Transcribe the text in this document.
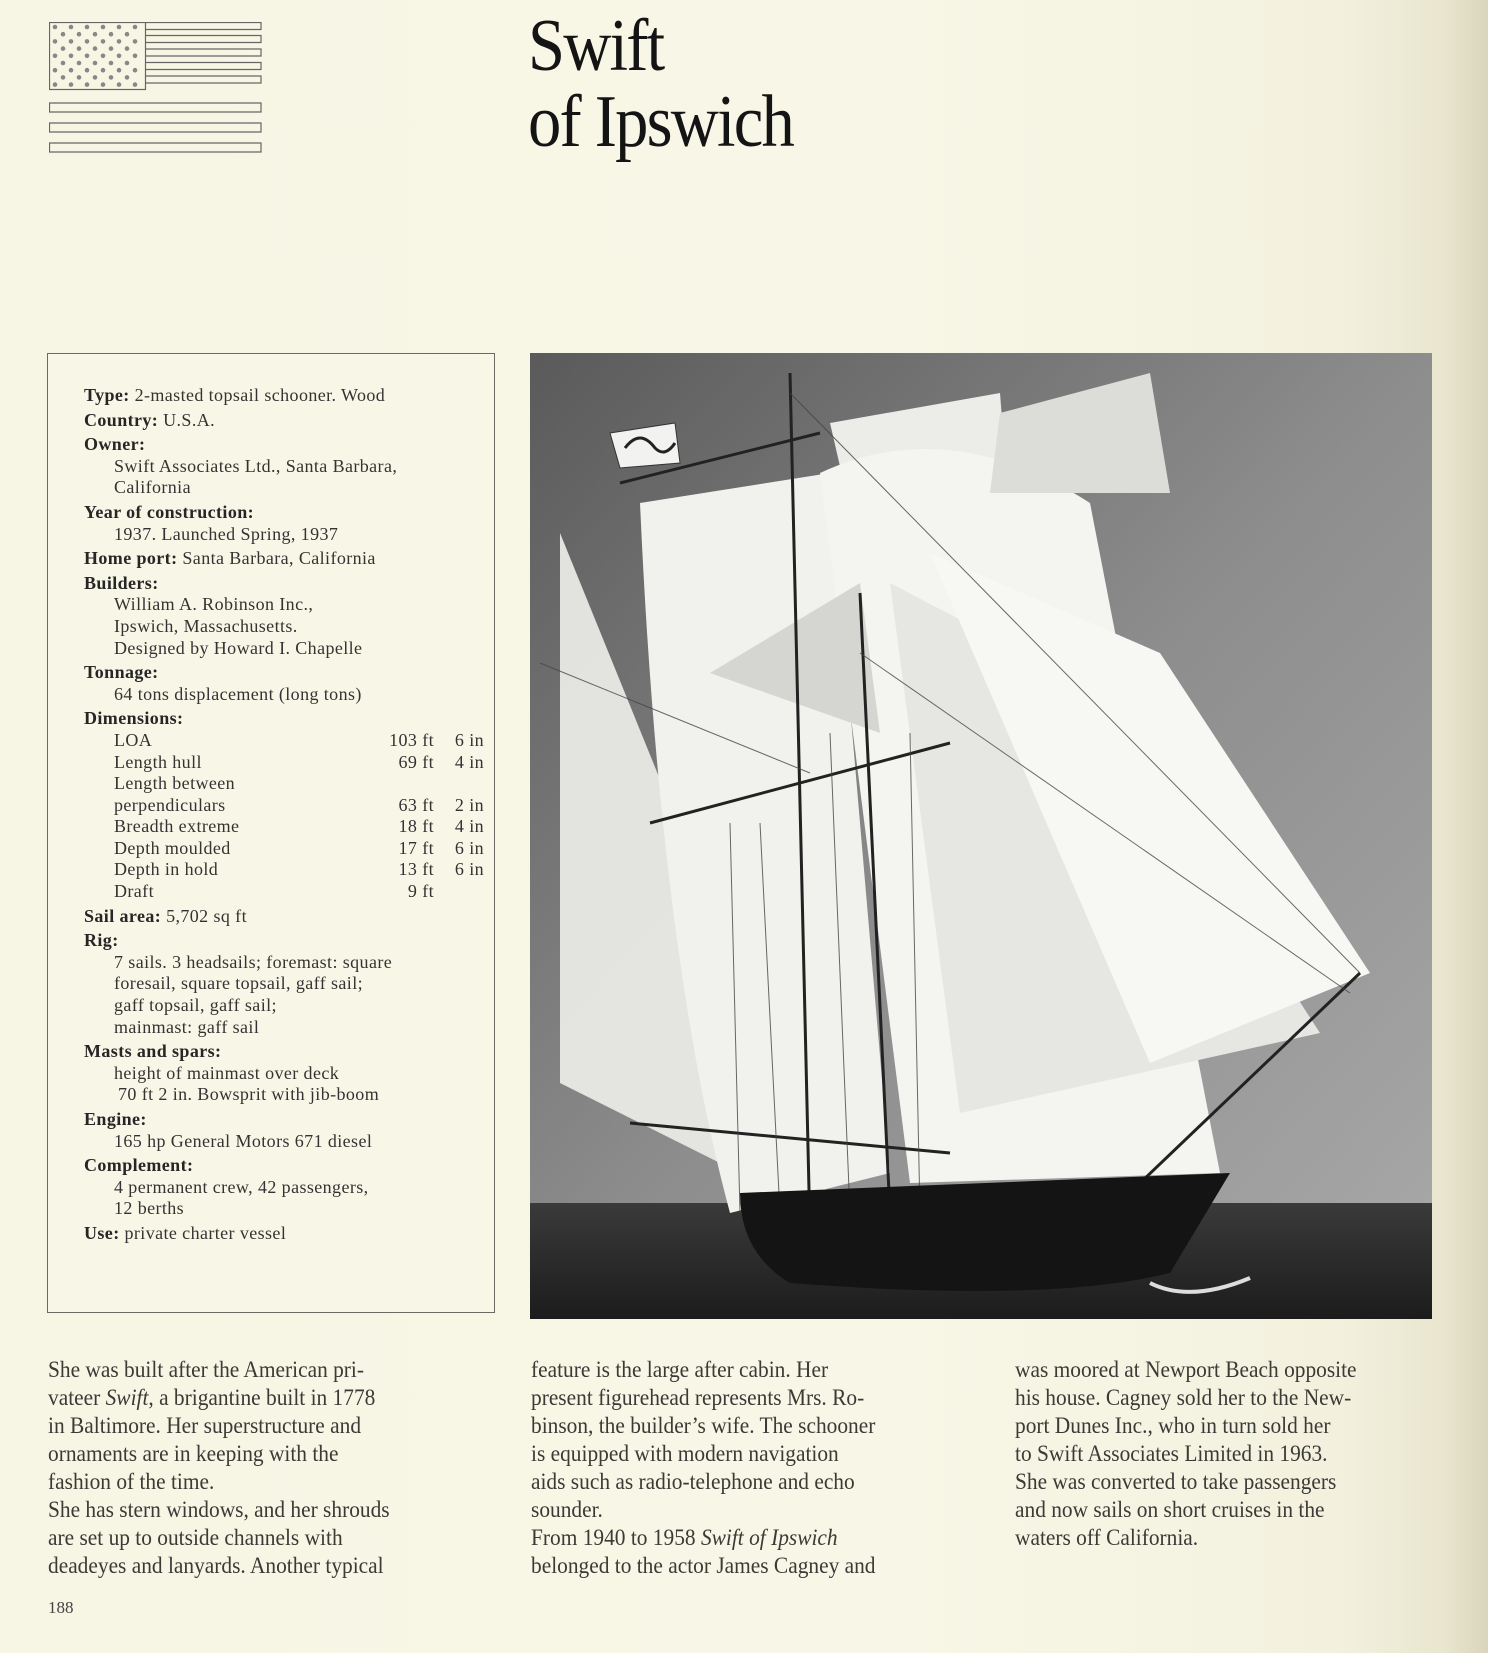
Swift
of Ipswich
Type: 2-masted topsail schooner. Wood
Country: U.S.A.
Owner:
Swift Associates Ltd., Santa Barbara,
California
Year of construction:
1937. Launched Spring, 1937
Home port: Santa Barbara, California
Builders:
William A. Robinson Inc.,
Ipswich, Massachusetts.
Designed by Howard I. Chapelle
Tonnage:
64 tons displacement (long tons)
Dimensions:
LOA	103 ft	6 in
Length hull	69 ft	4 in
Length between
perpendiculars	63 ft	2 in
Breadth extreme	18 ft	4 in
Depth moulded	17 ft	6 in
Depth in hold	13 ft	6 in
Draft	9 ft
Sail area: 5,702 sq ft
Rig:
7 sails. 3 headsails; foremast: square
foresail, square topsail, gaff sail;
gaff topsail, gaff sail;
mainmast: gaff sail
Masts and spars:
height of mainmast over deck
70 ft 2 in. Bowsprit with jib-boom
Engine:
165 hp General Motors 671 diesel
Complement:
4 permanent crew, 42 passengers,
12 berths
Use: private charter vessel
She was built after the American pri-
vateer Swift, a brigantine built in 1778
in Baltimore. Her superstructure and
ornaments are in keeping with the
fashion of the time.
She has stern windows, and her shrouds
are set up to outside channels with
deadeyes and lanyards. Another typical
feature is the large after cabin. Her
present figurehead represents Mrs. Ro-
binson, the builder’s wife. The schooner
is equipped with modern navigation
aids such as radio-telephone and echo
sounder.
From 1940 to 1958 Swift of Ipswich
belonged to the actor James Cagney and
was moored at Newport Beach opposite
his house. Cagney sold her to the New-
port Dunes Inc., who in turn sold her
to Swift Associates Limited in 1963.
She was converted to take passengers
and now sails on short cruises in the
waters off California.
188
